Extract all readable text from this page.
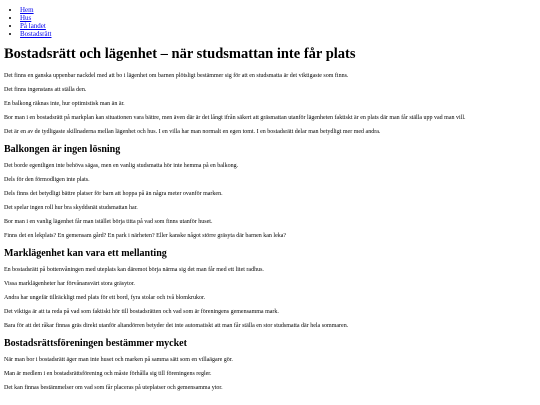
• Hem
• Hus
• På landet
• Bostadsrätt
Bostadsrätt och lägenhet – när studsmattan inte får plats

Det finns en ganska uppenbar nackdel med att bo i lägenhet om barnen plötsligt bestämmer sig för att en studsmatta är det viktigaste som finns.

Det finns ingenstans att ställa den.

En balkong räknas inte, hur optimistisk man än är.

Bor man i en bostadsrätt på markplan kan situationen vara bättre, men även där är det långt ifrån säkert att gräsmattan utanför lägenheten faktiskt är en plats där man får ställa upp vad man vill.

Det är en av de tydligaste skillnaderna mellan lägenhet och hus. I en villa har man normalt en egen tomt. I en bostadsrätt delar man betydligt mer med andra.

Balkongen är ingen lösning

Det borde egentligen inte behöva sägas, men en vanlig studsmatta hör inte hemma på en balkong.

Dels för den förmodligen inte plats.

Dels finns det betydligt bättre platser för barn att hoppa på än några meter ovanför marken.

Det spelar ingen roll hur bra skyddsnät studsmattan har.

Bor man i en vanlig lägenhet får man istället börja titta på vad som finns utanför huset.

Finns det en lekplats? En gemensam gård? En park i närheten? Eller kanske något större gräsyta där barnen kan leka?

Marklägenhet kan vara ett mellanting

En bostadsrätt på bottenvåningen med uteplats kan däremot börja närma sig det man får med ett litet radhus.

Vissa marklägenheter har förvånansvärt stora gräsytor.

Andra har ungefär tillräckligt med plats för ett bord, fyra stolar och två blomkrukor.

Det viktiga är att ta reda på vad som faktiskt hör till bostadsrätten och vad som är föreningens gemensamma mark.

Bara för att det råkar finnas gräs direkt utanför altandörren betyder det inte automatiskt att man får ställa en stor studsmatta där hela sommaren.

Bostadsrättsföreningen bestämmer mycket

När man bor i bostadsrätt äger man inte huset och marken på samma sätt som en villaägare gör.

Man är medlem i en bostadsrättsförening och måste förhålla sig till föreningens regler.

Det kan finnas bestämmelser om vad som får placeras på uteplatser och gemensamma ytor.
